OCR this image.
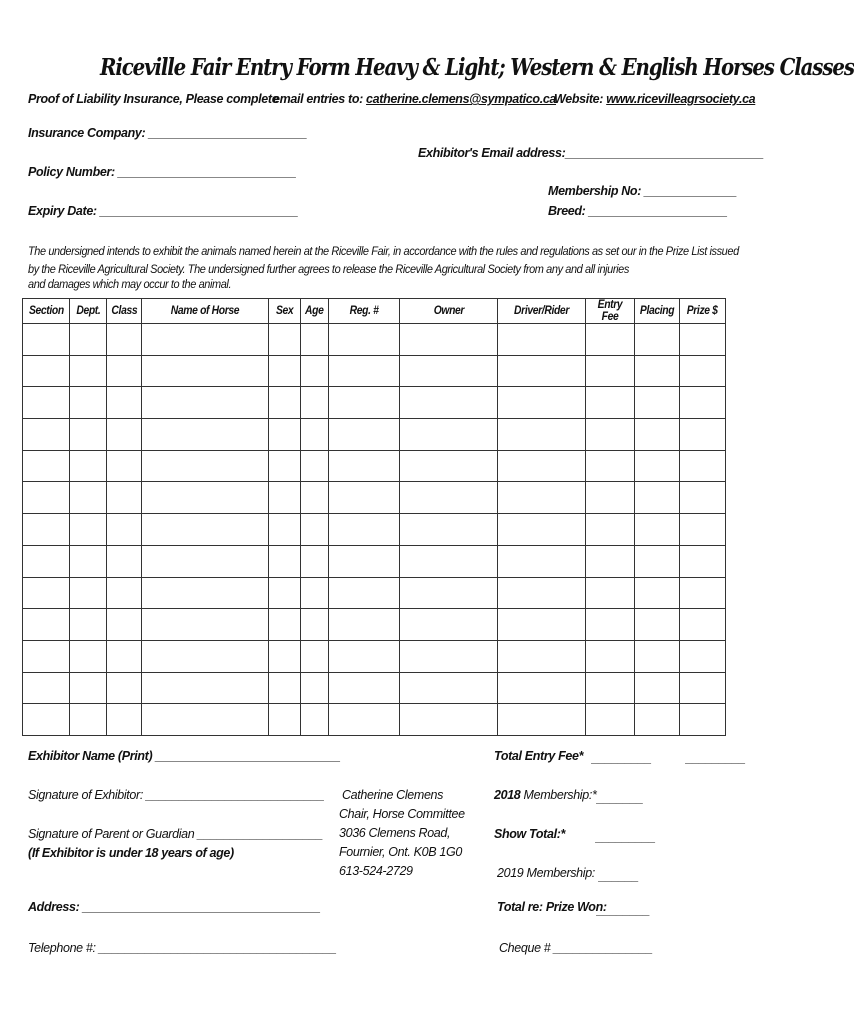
Riceville Fair Entry Form Heavy & Light; Western & English Horses Classes
Proof of Liability Insurance, Please complete
email entries to: catherine.clemens@sympatico.ca
Website: www.ricevilleagrsociety.ca
Insurance Company: ________________________
Policy Number: ___________________________
Expiry Date: ______________________________
Exhibitor's Email address:______________________________
Membership No: ______________
Breed: _____________________
The undersigned intends to exhibit the animals named herein at the Riceville Fair, in accordance with the rules and regulations as set our in the Prize List issued
by the Riceville Agricultural Society. The undersigned further agrees to release the Riceville Agricultural Society from any and all injuries
and damages which may occur to the animal.
Section	Dept.	Class	Name of Horse	Sex	Age	Reg. #	Owner	Driver/Rider	Entry Fee	Placing	Prize $

Exhibitor Name (Print) ____________________________
Signature of Exhibitor: ___________________________
Signature of Parent or Guardian ___________________
(If Exhibitor is under 18 years of age)
Address: ____________________________________
Telephone #: ____________________________________
Catherine Clemens
Chair, Horse Committee
3036 Clemens Road,
Fournier, Ont. K0B 1G0
613-524-2729
Total Entry Fee* _________	_________
2018 Membership:* _______
Show Total:* _________
2019 Membership: ______
Total re: Prize Won:
________
Cheque # _______________
